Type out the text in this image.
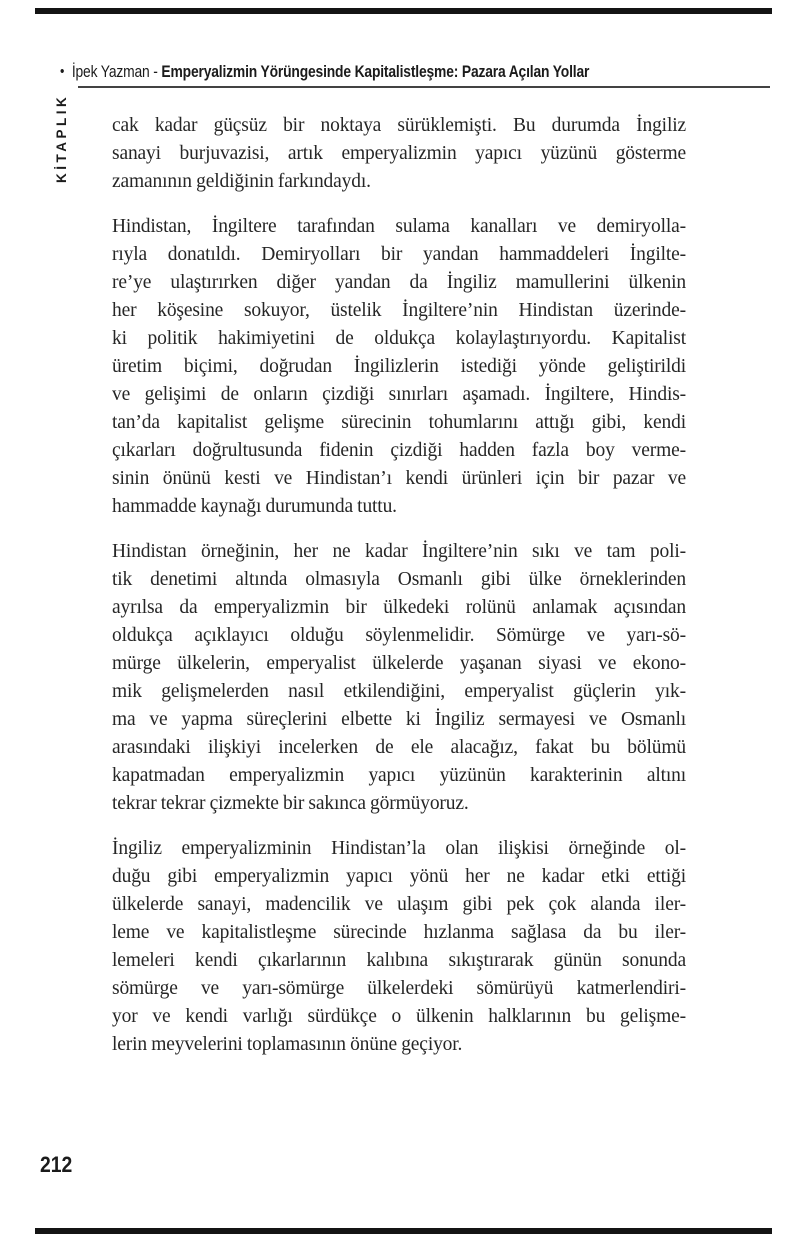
• İpek Yazman - Emperyalizmin Yörüngesinde Kapitalistleşme: Pazara Açılan Yollar
KİTAPLIK cak kadar güçsüz bir noktaya sürüklemişti. Bu durumda İngiliz
sanayi burjuvazisi, artık emperyalizmin yapıcı yüzünü gösterme
zamanının geldiğinin farkındaydı.
Hindistan, İngiltere tarafından sulama kanalları ve demiryolla-
rıyla donatıldı. Demiryolları bir yandan hammaddeleri İngilte-
re’ye ulaştırırken diğer yandan da İngiliz mamullerini ülkenin
her köşesine sokuyor, üstelik İngiltere’nin Hindistan üzerinde-
ki politik hakimiyetini de oldukça kolaylaştırıyordu. Kapitalist
üretim biçimi, doğrudan İngilizlerin istediği yönde geliştirildi
ve gelişimi de onların çizdiği sınırları aşamadı. İngiltere, Hindis-
tan’da kapitalist gelişme sürecinin tohumlarını attığı gibi, kendi
çıkarları doğrultusunda fidenin çizdiği hadden fazla boy verme-
sinin önünü kesti ve Hindistan’ı kendi ürünleri için bir pazar ve
hammadde kaynağı durumunda tuttu.
Hindistan örneğinin, her ne kadar İngiltere’nin sıkı ve tam poli-
tik denetimi altında olmasıyla Osmanlı gibi ülke örneklerinden
ayrılsa da emperyalizmin bir ülkedeki rolünü anlamak açısından
oldukça açıklayıcı olduğu söylenmelidir. Sömürge ve yarı-sö-
mürge ülkelerin, emperyalist ülkelerde yaşanan siyasi ve ekono-
mik gelişmelerden nasıl etkilendiğini, emperyalist güçlerin yık-
ma ve yapma süreçlerini elbette ki İngiliz sermayesi ve Osmanlı
arasındaki ilişkiyi incelerken de ele alacağız, fakat bu bölümü
kapatmadan emperyalizmin yapıcı yüzünün karakterinin altını
tekrar tekrar çizmekte bir sakınca görmüyoruz.
İngiliz emperyalizminin Hindistan’la olan ilişkisi örneğinde ol-
duğu gibi emperyalizmin yapıcı yönü her ne kadar etki ettiği
ülkelerde sanayi, madencilik ve ulaşım gibi pek çok alanda iler-
leme ve kapitalistleşme sürecinde hızlanma sağlasa da bu iler-
lemeleri kendi çıkarlarının kalıbına sıkıştırarak günün sonunda
sömürge ve yarı-sömürge ülkelerdeki sömürüyü katmerlendiri-
yor ve kendi varlığı sürdükçe o ülkenin halklarının bu gelişme-
lerin meyvelerini toplamasının önüne geçiyor.
212
